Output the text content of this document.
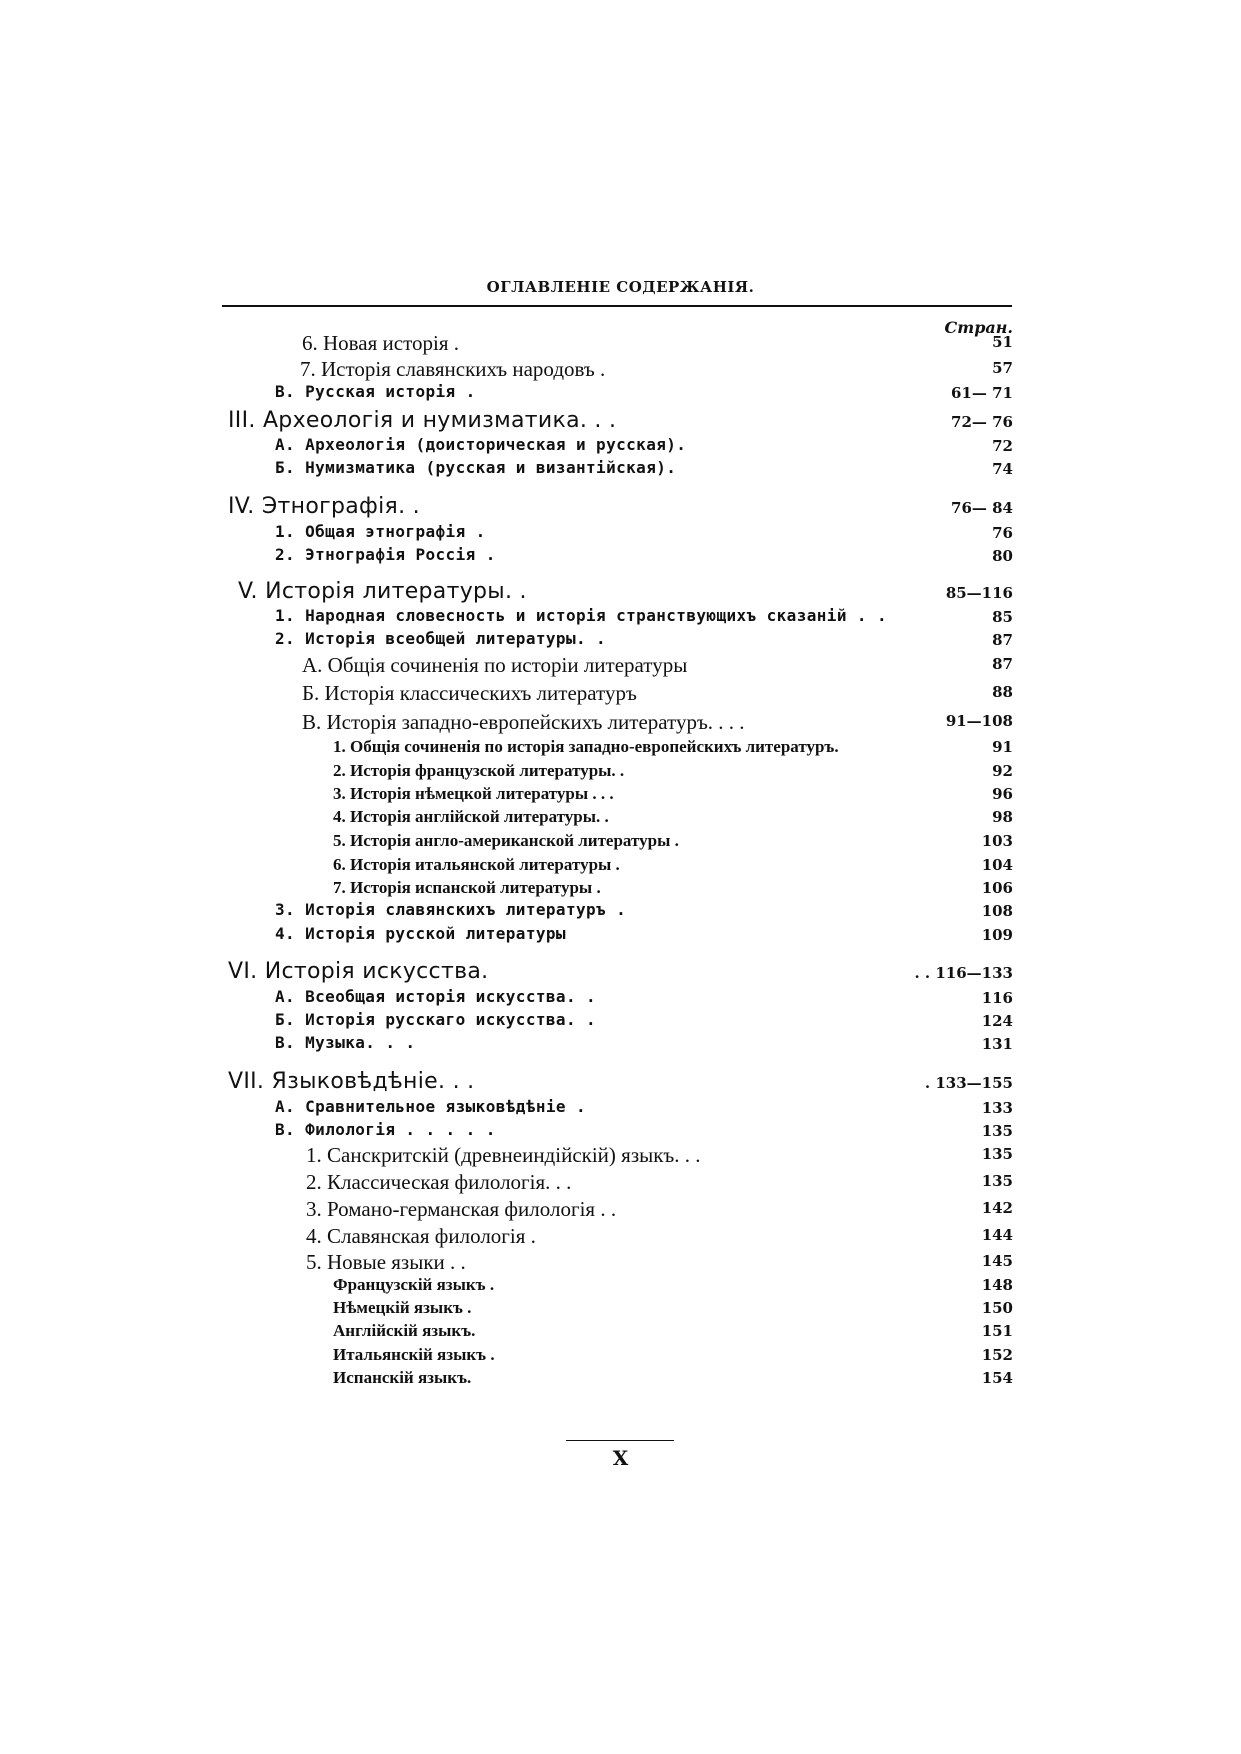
ОГЛАВЛЕНІЕ СОДЕРЖАНІЯ.
Стран.
6. Новая исторія .	51
7. Исторія славянскихъ народовъ .	57
В. Русская исторія .	61— 71
III. Археологія и нумизматика. . .	72— 76
А. Археологія (доисторическая и русская).	72
Б. Нумизматика (русская и византійская).	74
IV. Этнографія. .	76— 84
1. Общая этнографія .	76
2. Этнографія Россія .	80
V. Исторія литературы. .	85—116
1. Народная словесность и исторія странствующихъ сказаній . .	85
2. Исторія всеобщей литературы. .	87
А. Общія сочиненія по исторіи литературы	87
Б. Исторія классическихъ литературъ	88
В. Исторія западно-европейскихъ литературъ. . . .	91—108
1. Общія сочиненія по исторія западно-европейскихъ литературъ.	91
2. Исторія французской литературы. .	92
3. Исторія нѣмецкой литературы . . .	96
4. Исторія англійской литературы. .	98
5. Исторія англо-американской литературы .	103
6. Исторія итальянской литературы .	104
7. Исторія испанской литературы .	106
3. Исторія славянскихъ литературъ .	108
4. Исторія русской литературы	109
VI. Исторія искусства.	. . 116—133
А. Всеобщая исторія искусства. .	116
Б. Исторія русскаго искусства. .	124
В. Музыка. . .	131
VII. Языковѣдѣніе. . .	. 133—155
А. Сравнительное языковѣдѣніе .	133
В. Филологія . . . . .	135
1. Санскритскій (древнеиндійскій) языкъ. . .	135
2. Классическая филологія. . .	135
3. Романо-германская филологія . .	142
4. Славянская филологія .	144
5. Новые языки . .	145
Французскій языкъ .	148
Нѣмецкій языкъ .	150
Англійскій языкъ.	151
Итальянскій языкъ .	152
Испанскій языкъ.	154
X
